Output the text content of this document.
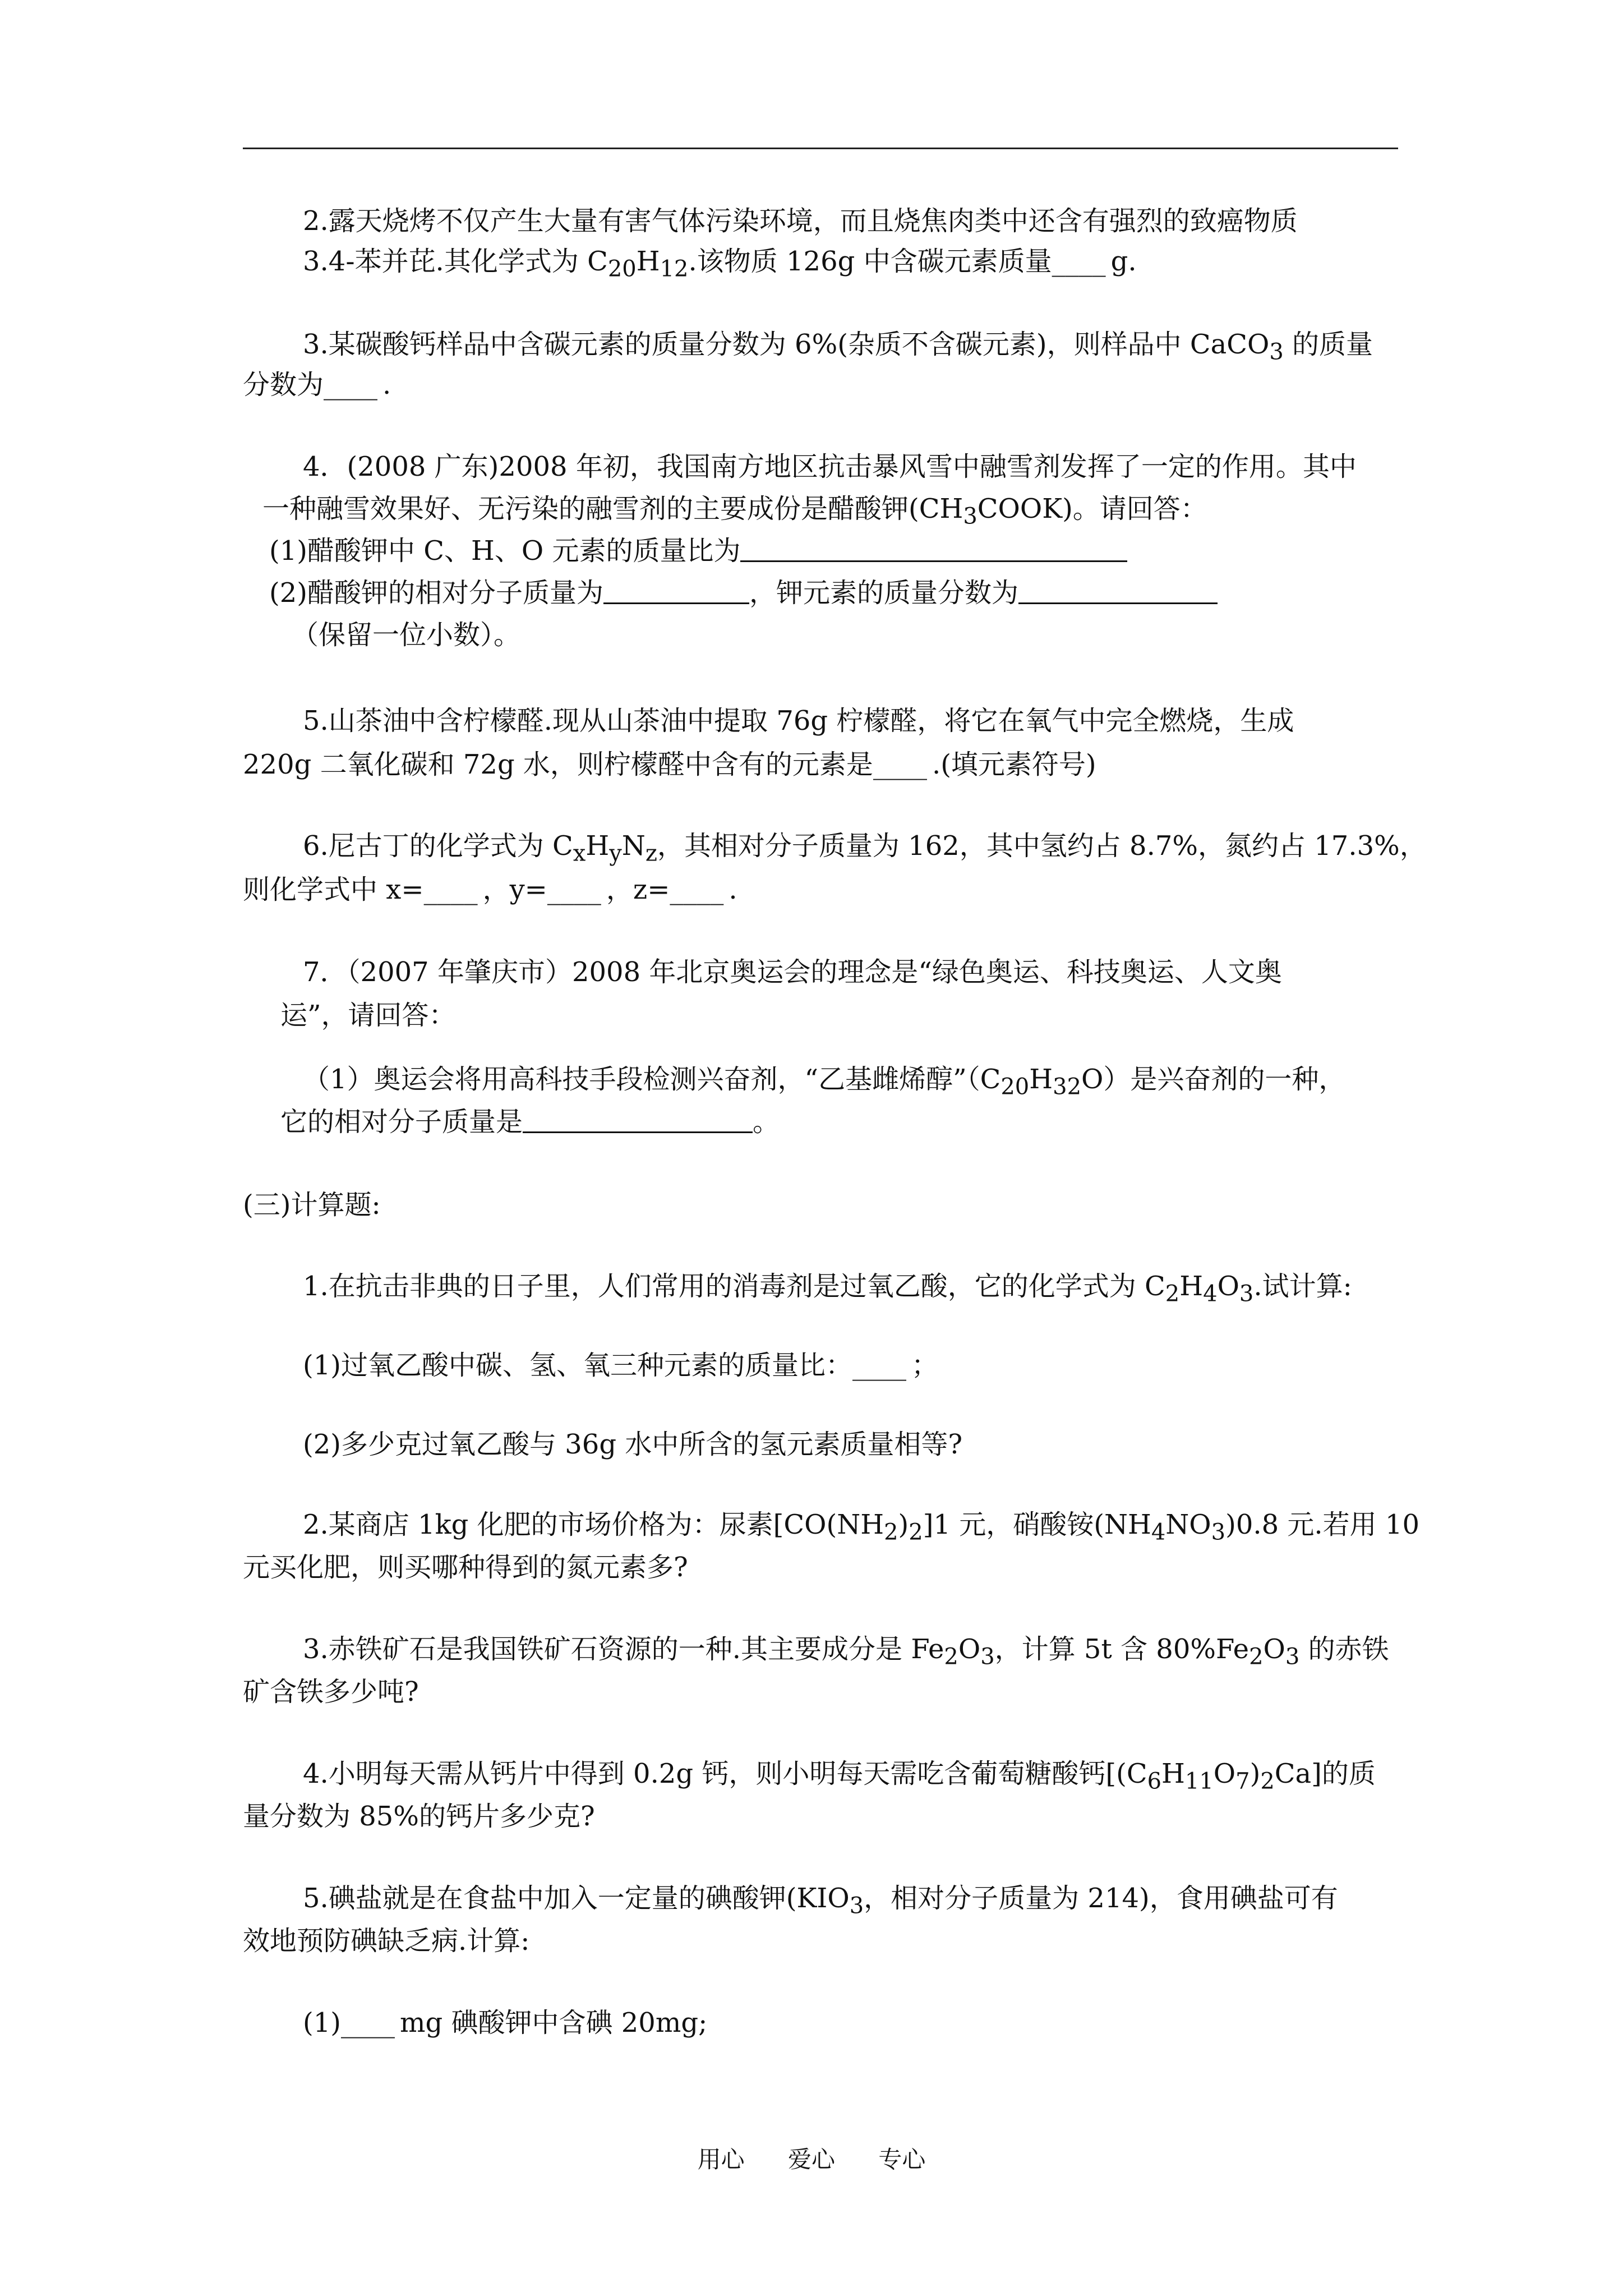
2.露天烧烤不仅产生大量有害气体污染环境，而且烧焦肉类中还含有强烈的致癌物质
3.4-苯并芘.其化学式为 $C_{20}H_{12}$.该物质 126g 中含碳元素质量____ g.
3.某碳酸钙样品中含碳元素的质量分数为 6%(杂质不含碳元素)，则样品中 CaCO$_3$ 的质量
分数为____ .
4．(2008 广东)2008 年初，我国南方地区抗击暴风雪中融雪剂发挥了一定的作用。其中
一种融雪效果好、无污染的融雪剂的主要成份是醋酸钾$(CH_3COOK)$。请回答：
(1)醋酸钾中 C、H、O 元素的质量比为
(2)醋酸钾的相对分子质量为	，钾元素的质量分数为
（保留一位小数）。
5.山茶油中含柠檬醛.现从山茶油中提取 76g 柠檬醛，将它在氧气中完全燃烧，生成
220g 二氧化碳和 72g 水，则柠檬醛中含有的元素是____ .(填元素符号)
6.尼古丁的化学式为 $C_xH_yN_z$，其相对分子质量为 162，其中氢约占 8.7%，氮约占 17.3%，
则化学式中 x=____ ，y=____ ，z=____ .
7．（2007 年肇庆市）2008 年北京奥运会的理念是“绿色奥运、科技奥运、人文奥
运”，请回答：
（1）奥运会将用高科技手段检测兴奋剂，“乙基雌烯醇$”(C_{20}H_{32}O)$是兴奋剂的一种，
它的相对分子质量是	。
(三)计算题:
1.在抗击非典的日子里，人们常用的消毒剂是过氧乙酸，它的化学式为 $C_2H_4O_3$.试计算:
(1)过氧乙酸中碳、氢、氧三种元素的质量比：____ ；
(2)多少克过氧乙酸与 36g 水中所含的氢元素质量相等?
2.某商店 1kg 化肥的市场价格为：尿素$[CO(NH_2)_2]1$ 元，硝酸铵$(NH_4NO_3)0.8$ 元.若用 10
元买化肥，则买哪种得到的氮元素多?
3.赤铁矿石是我国铁矿石资源的一种.其主要成分是 $Fe_2O_3$，计算 5t 含 $80\%Fe_2O_3$ 的赤铁
矿含铁多少吨?
4.小明每天需从钙片中得到 0.2g 钙，则小明每天需吃含葡萄糖酸钙$[(C_6H_{11}O_7)_2Ca]$的质
量分数为 85%的钙片多少克?
5.碘盐就是在食盐中加入一定量的碘酸钾($KIO_3$，相对分子质量为 214)，食用碘盐可有
效地预防碘缺乏病.计算:
(1)____ mg 碘酸钾中含碘 20mg;
用心 爱心 专心
